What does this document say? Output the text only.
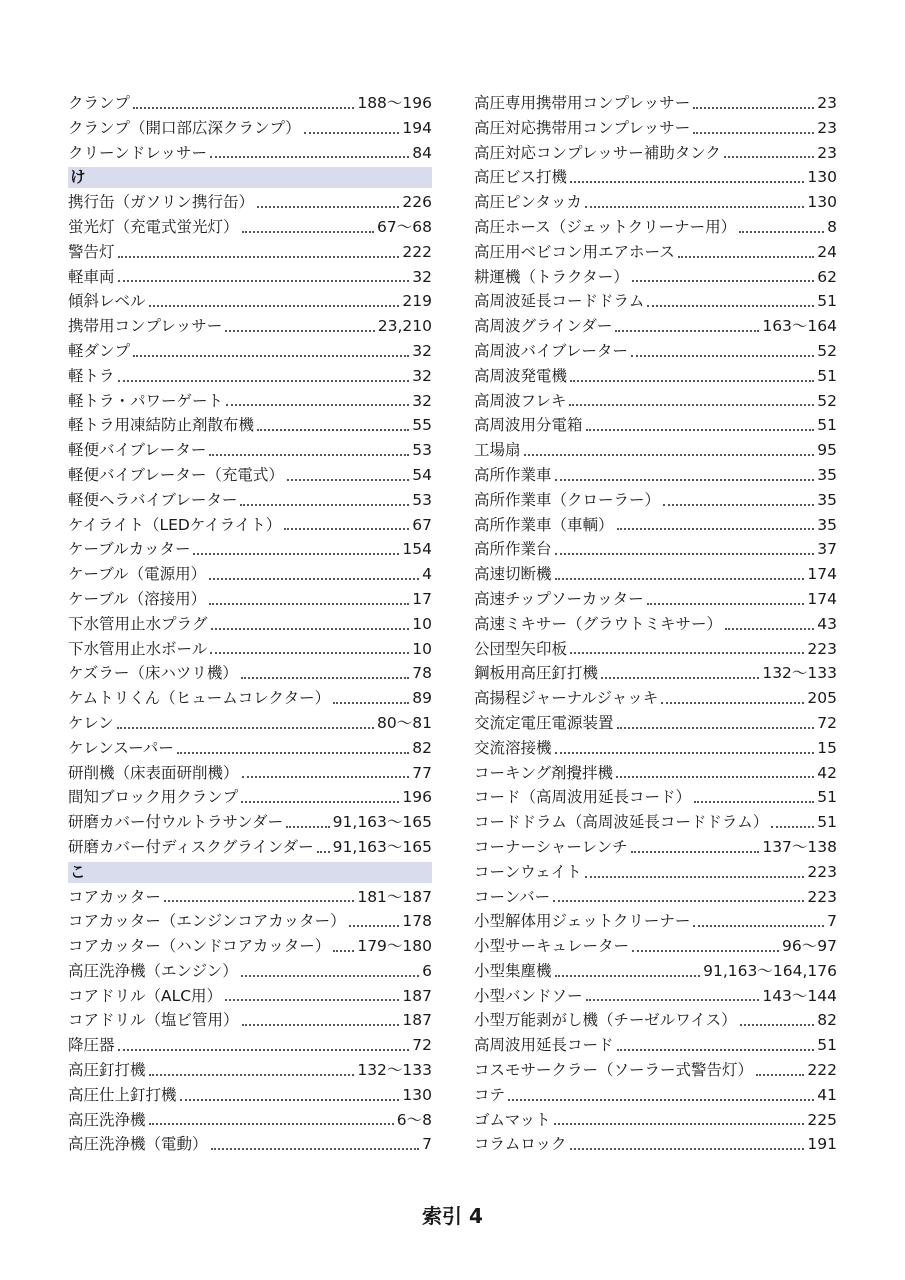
クランプ	188〜196
クランプ（開口部広深クランプ）	194
クリーンドレッサー	84
け
携行缶（ガソリン携行缶）	226
蛍光灯（充電式蛍光灯）	67〜68
警告灯	222
軽車両	32
傾斜レベル	219
携帯用コンプレッサー	23,210
軽ダンプ	32
軽トラ	32
軽トラ・パワーゲート	32
軽トラ用凍結防止剤散布機	55
軽便バイブレーター	53
軽便バイブレーター（充電式）	54
軽便ヘラバイブレーター	53
ケイライト（LEDケイライト）	67
ケーブルカッター	154
ケーブル（電源用）	4
ケーブル（溶接用）	17
下水管用止水プラグ	10
下水管用止水ボール	10
ケズラー（床ハツリ機）	78
ケムトリくん（ヒュームコレクター）	89
ケレン	80〜81
ケレンスーパー	82
研削機（床表面研削機）	77
間知ブロック用クランプ	196
研磨カバー付ウルトラサンダー	91,163〜165
研磨カバー付ディスクグラインダー 91,163〜165
こ
コアカッター	181〜187
コアカッター（エンジンコアカッター）	178
コアカッター（ハンドコアカッター） 179〜180
高圧洗浄機（エンジン）	6
コアドリル（ALC用）	187
コアドリル（塩ビ管用）	187
降圧器	72
高圧釘打機	132〜133
高圧仕上釘打機	130
高圧洗浄機	6〜8
高圧洗浄機（電動）	7
高圧専用携帯用コンプレッサー	23
高圧対応携帯用コンプレッサー	23
高圧対応コンプレッサー補助タンク	23
高圧ビス打機	130
高圧ピンタッカ	130
高圧ホース（ジェットクリーナー用）	8
高圧用ベビコン用エアホース	24
耕運機（トラクター）	62
高周波延長コードドラム	51
高周波グラインダー	163〜164
高周波バイブレーター	52
高周波発電機	51
高周波フレキ	52
高周波用分電箱	51
工場扇	95
高所作業車	35
高所作業車（クローラー）	35
高所作業車（車輌）	35
高所作業台	37
高速切断機	174
高速チップソーカッター	174
高速ミキサー（グラウトミキサー）	43
公団型矢印板	223
鋼板用高圧釘打機	132〜133
高揚程ジャーナルジャッキ	205
交流定電圧電源装置	72
交流溶接機	15
コーキング剤攪拌機	42
コード（高周波用延長コード）	51
コードドラム（高周波延長コードドラム）	51
コーナーシャーレンチ	137〜138
コーンウェイト	223
コーンバー	223
小型解体用ジェットクリーナー	7
小型サーキュレーター	96〜97
小型集塵機	91,163〜164,176
小型バンドソー	143〜144
小型万能剥がし機（チーゼルワイス）	82
高周波用延長コード	51
コスモサークラー（ソーラー式警告灯）	222
コテ	41
ゴムマット	225
コラムロック	191
索引 4
